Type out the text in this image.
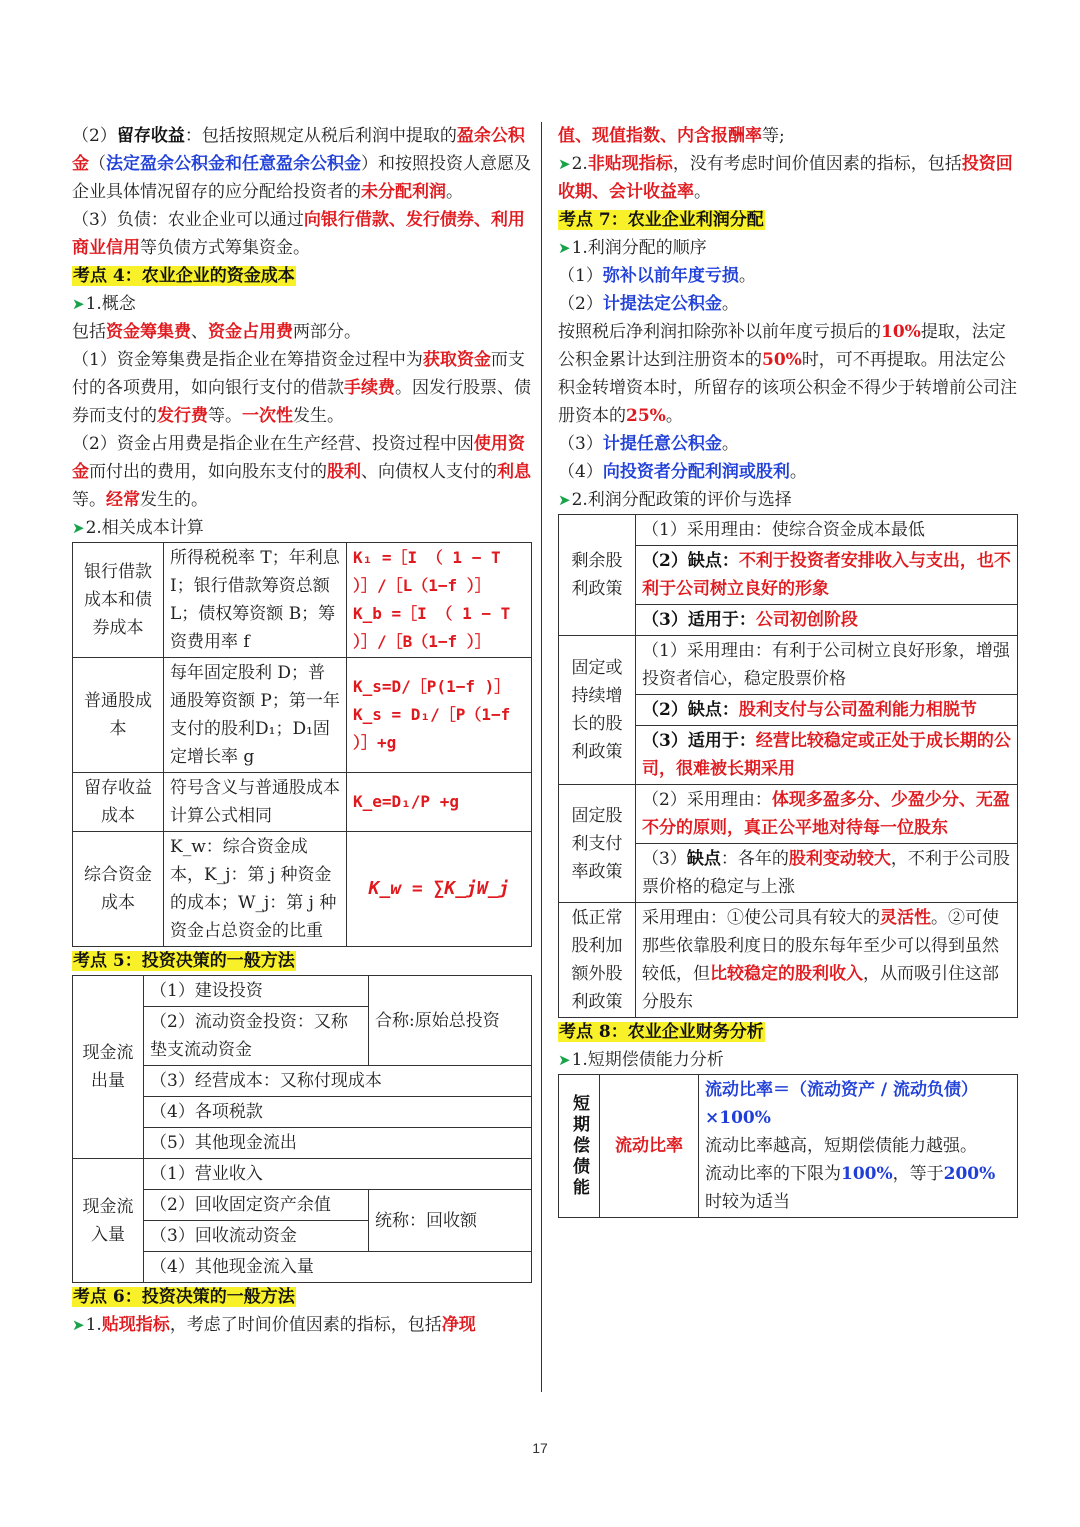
（2）留存收益：包括按照规定从税后利润中提取的盈余公积金（法定盈余公积金和任意盈余公积金）和按照投资人意愿及企业具体情况留存的应分配给投资者的未分配利润。

（3）负债：农业企业可以通过向银行借款、发行债券、利用商业信用等负债方式筹集资金。

考点 4：农业企业的资金成本

➤1.概念

包括资金筹集费、资金占用费两部分。

（1）资金筹集费是指企业在筹措资金过程中为获取资金而支付的各项费用，如向银行支付的借款手续费。因发行股票、债券而支付的发行费等。一次性发生。

（2）资金占用费是指企业在生产经营、投资过程中因使用资金而付出的费用，如向股东支付的股利、向债权人支付的利息等。经常发生的。

➤2.相关成本计算

银行借款成本和债券成本	所得税税率 T；年利息 I；银行借款筹资总额 L；债权筹资额 B；筹资费用率 f	K₁ =［I （ 1 − T ）］/［L（1−f ）］
K_b =［I （ 1 − T ）］/［B（1−f ）］

普通股成本	每年固定股利 D；普通股筹资额 P；第一年支付的股利D₁；D₁固定增长率 g	K_s=D/［P(1−f )］
K_s = D₁/［P（1−f ）］+g

留存收益成本	符号含义与普通股成本计算公式相同	K_e=D₁/P +g

综合资金成本	K_w：综合资金成本，K_j：第 j 种资金的成本；W_j：第 j 种资金占总资金的比重	K_w = ∑K_jW_j

考点 5：投资决策的一般方法

现金流出量	（1）建设投资	合称:原始总投资
	（2）流动资金投资：又称垫支流动资金	
	（3）经营成本：又称付现成本	
	（4）各项税款	
	（5）其他现金流出	
现金流入量	（1）营业收入	
	（2）回收固定资产余值	统称：回收额
	（3）回收流动资金	
	（4）其他现金流入量	

考点 6：投资决策的一般方法

➤1.贴现指标，考虑了时间价值因素的指标，包括净现

值、现值指数、内含报酬率等;

➤2.非贴现指标，没有考虑时间价值因素的指标，包括投资回收期、会计收益率。

考点 7：农业企业利润分配

➤1.利润分配的顺序

（1）弥补以前年度亏损。

（2）计提法定公积金。

按照税后净利润扣除弥补以前年度亏损后的10%提取，法定公积金累计达到注册资本的50%时，可不再提取。用法定公积金转增资本时，所留存的该项公积金不得少于转增前公司注册资本的25%。

（3）计提任意公积金。

（4）向投资者分配利润或股利。

➤2.利润分配政策的评价与选择

剩余股利政策	（1）采用理由：使综合资金成本最低
	（2）缺点：不利于投资者安排收入与支出，也不利于公司树立良好的形象
	（3）适用于：公司初创阶段
固定或持续增长的股利政策	（1）采用理由：有利于公司树立良好形象，增强投资者信心，稳定股票价格
	（2）缺点：股利支付与公司盈利能力相脱节
	（3）适用于：经营比较稳定或正处于成长期的公司，很难被长期采用
固定股利支付率政策	（2）采用理由：体现多盈多分、少盈少分、无盈不分的原则，真正公平地对待每一位股东
	（3）缺点：各年的股利变动较大，不利于公司股票价格的稳定与上涨
低正常股利加额外股利政策	采用理由：①使公司具有较大的灵活性。②可使那些依靠股利度日的股东每年至少可以得到虽然较低，但比较稳定的股利收入，从而吸引住这部分股东

考点 8：农业企业财务分析

➤1.短期偿债能力分析

短期偿债能	流动比率	
流动比率＝（流动资产 / 流动负债）×100%
流动比率越高，短期偿债能力越强。
流动比率的下限为100%，等于200%时较为适当
17
